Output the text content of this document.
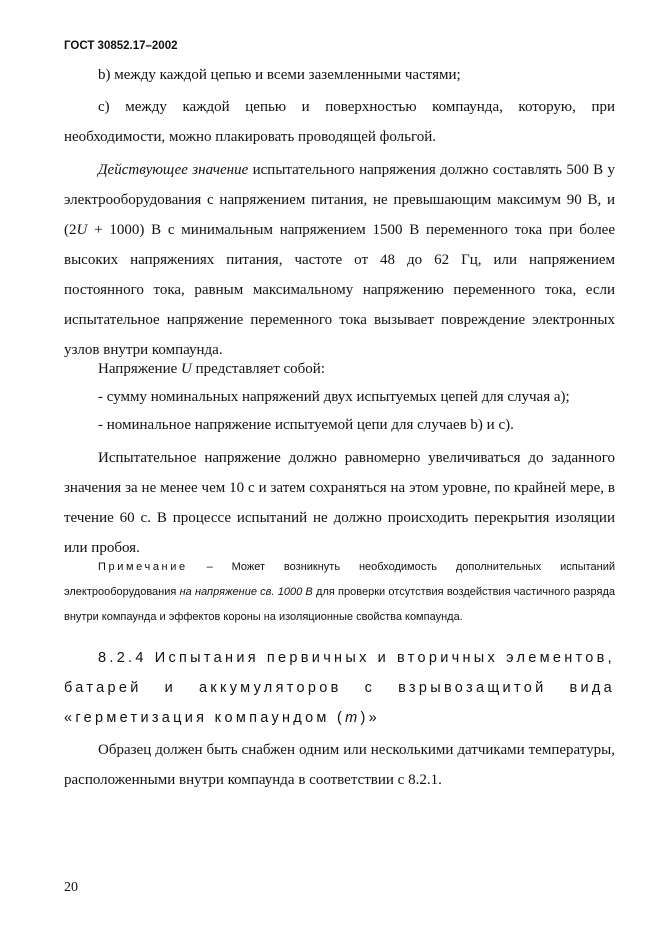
ГОСТ 30852.17–2002
b) между каждой цепью и всеми заземленными частями;
с) между каждой цепью и поверхностью компаунда, которую, при необходимости, можно плакировать проводящей фольгой.
Действующее значение испытательного напряжения должно составлять 500 В у электрооборудования с напряжением питания, не превышающим максимум 90 В, и (2U + 1000) В с минимальным напряжением 1500 В переменного тока при более высоких напряжениях питания, частоте от 48 до 62 Гц, или напряжением постоянного тока, равным максимальному напряжению переменного тока, если испытательное напряжение переменного тока вызывает повреждение электронных узлов внутри компаунда.
Напряжение U представляет собой:
- сумму номинальных напряжений двух испытуемых цепей для случая а);
- номинальное напряжение испытуемой цепи для случаев b) и с).
Испытательное напряжение должно равномерно увеличиваться до заданного значения за не менее чем 10 с и затем сохраняться на этом уровне, по крайней мере, в течение 60 с. В процессе испытаний не должно происходить перекрытия изоляции или пробоя.
Примечание – Может возникнуть необходимость дополнительных испытаний электрооборудования на напряжение св. 1000 В для проверки отсутствия воздействия частичного разряда внутри компаунда и эффектов короны на изоляционные свойства компаунда.
8.2.4 Испытания первичных и вторичных элементов, батарей и аккумуляторов с взрывозащитой вида «герметизация компаундом (m)»
Образец должен быть снабжен одним или несколькими датчиками температуры, расположенными внутри компаунда в соответствии с 8.2.1.
20
